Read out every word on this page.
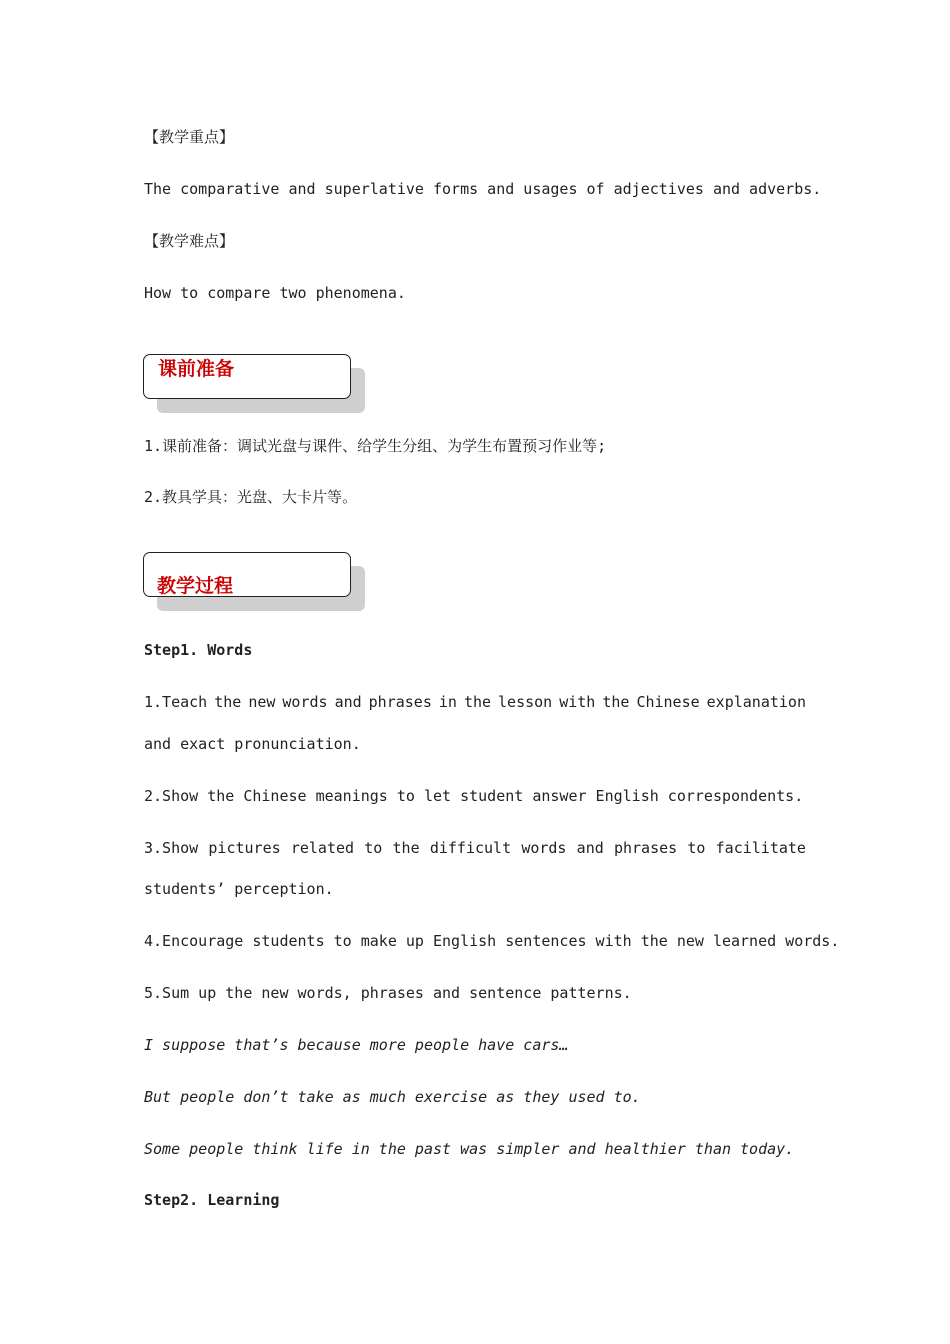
【教学重点】
The comparative and superlative forms and usages of adjectives and adverbs.
【教学难点】
How to compare two phenomena.
课前准备
1.课前准备：调试光盘与课件、给学生分组、为学生布置预习作业等;
2.教具学具：光盘、大卡片等。
教学过程
Step1. Words
1.Teach the new words and phrases in the lesson with the Chinese explanation
and exact pronunciation.
2.Show the Chinese meanings to let student answer English correspondents.
3.Show pictures related to the difficult words and phrases to facilitate
students’ perception.
4.Encourage students to make up English sentences with the new learned words.
5.Sum up the new words, phrases and sentence patterns.
I suppose that’s because more people have cars…
But people don’t take as much exercise as they used to.
Some people think life in the past was simpler and healthier than today.
Step2. Learning
